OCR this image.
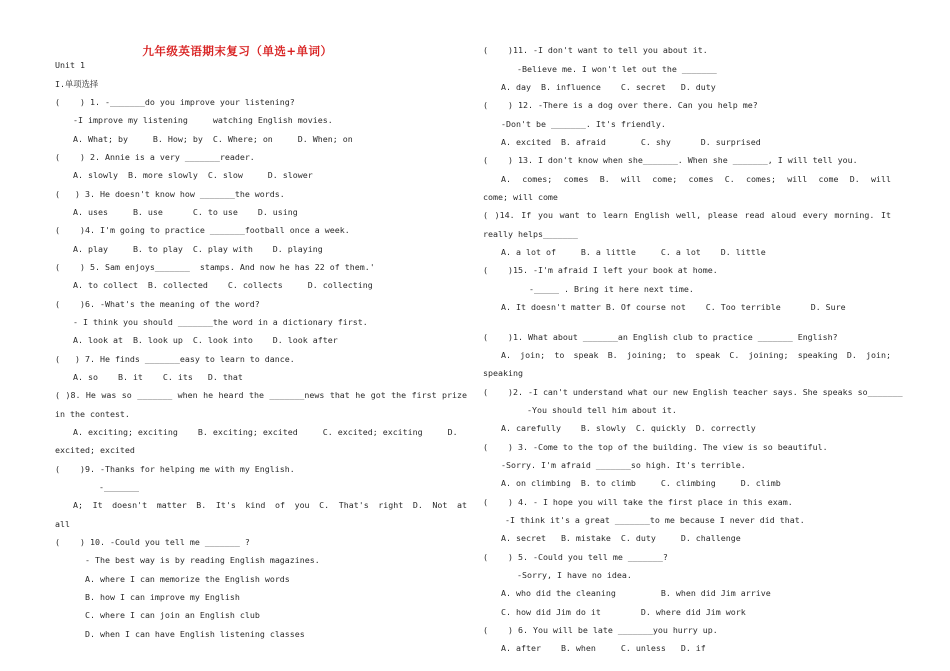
九年级英语期末复习（单选+单词）
Unit 1
I.单项选择
(    ) 1. -_______do you improve your listening?
-I improve my listening     watching English movies.
A. What; by     B. How; by  C. Where; on     D. When; on
(    ) 2. Annie is a very _______reader.
A. slowly  B. more slowly  C. slow     D. slower
(   ) 3. He doesn't know how _______the words.
A. uses     B. use      C. to use    D. using
(    )4. I'm going to practice _______football once a week.
A. play     B. to play  C. play with    D. playing
(    ) 5. Sam enjoys_______  stamps. And now he has 22 of them.'
A. to collect  B. collected    C. collects     D. collecting
(    )6. -What's the meaning of the word?
- I think you should _______the word in a dictionary first.
A. look at  B. look up  C. look into    D. look after
(   ) 7. He finds _______easy to learn to dance.
A. so    B. it    C. its   D. that
( )8. He was so _______ when he heard the _______news that he got the first prize
in the contest.
A. exciting; exciting    B. exciting; excited     C. excited; exciting     D.
excited; excited
(    )9. -Thanks for helping me with my English.
-_______
A; It doesn't matter B. It's kind of you C. That's right D. Not at
all
(    ) 10. -Could you tell me _______ ?
- The best way is by reading English magazines.
A. where I can memorize the English words
B. how I can improve my English
C. where I can join an English club
D. when I can have English listening classes
(    )11. -I don't want to tell you about it.
-Believe me. I won't let out the _______
A. day  B. influence    C. secret   D. duty
(    ) 12. -There is a dog over there. Can you help me?
-Don't be _______. It's friendly.
A. excited  B. afraid       C. shy      D. surprised
(    ) 13. I don't know when she_______. When she _______, I will tell you.
A. comes; comes B. will come; comes C. comes; will come D. will
come; will come
( )14. If you want to learn English well, please read aloud every morning. It
really helps_______
A. a lot of     B. a little     C. a lot    D. little
(    )15. -I'm afraid I left your book at home.
-_____ . Bring it here next time.
A. It doesn't matter B. Of course not    C. Too terrible      D. Sure
(    )1. What about _______an English club to practice _______ English?
A. join; to speak B. joining; to speak C. joining; speaking D. join;
speaking
(    )2. -I can't understand what our new English teacher says. She speaks so_______
-You should tell him about it.
A. carefully    B. slowly  C. quickly  D. correctly
(    ) 3. -Come to the top of the building. The view is so beautiful.
-Sorry. I'm afraid _______so high. It's terrible.
A. on climbing  B. to climb     C. climbing     D. climb
(    ) 4. - I hope you will take the first place in this exam.
-I think it's a great _______to me because I never did that.
A. secret   B. mistake  C. duty     D. challenge
(    ) 5. -Could you tell me _______?
-Sorry, I have no idea.
A. who did the cleaning         B. when did Jim arrive
C. how did Jim do it        D. where did Jim work
(    ) 6. You will be late _______you hurry up.
A. after    B. when     C. unless   D. if
